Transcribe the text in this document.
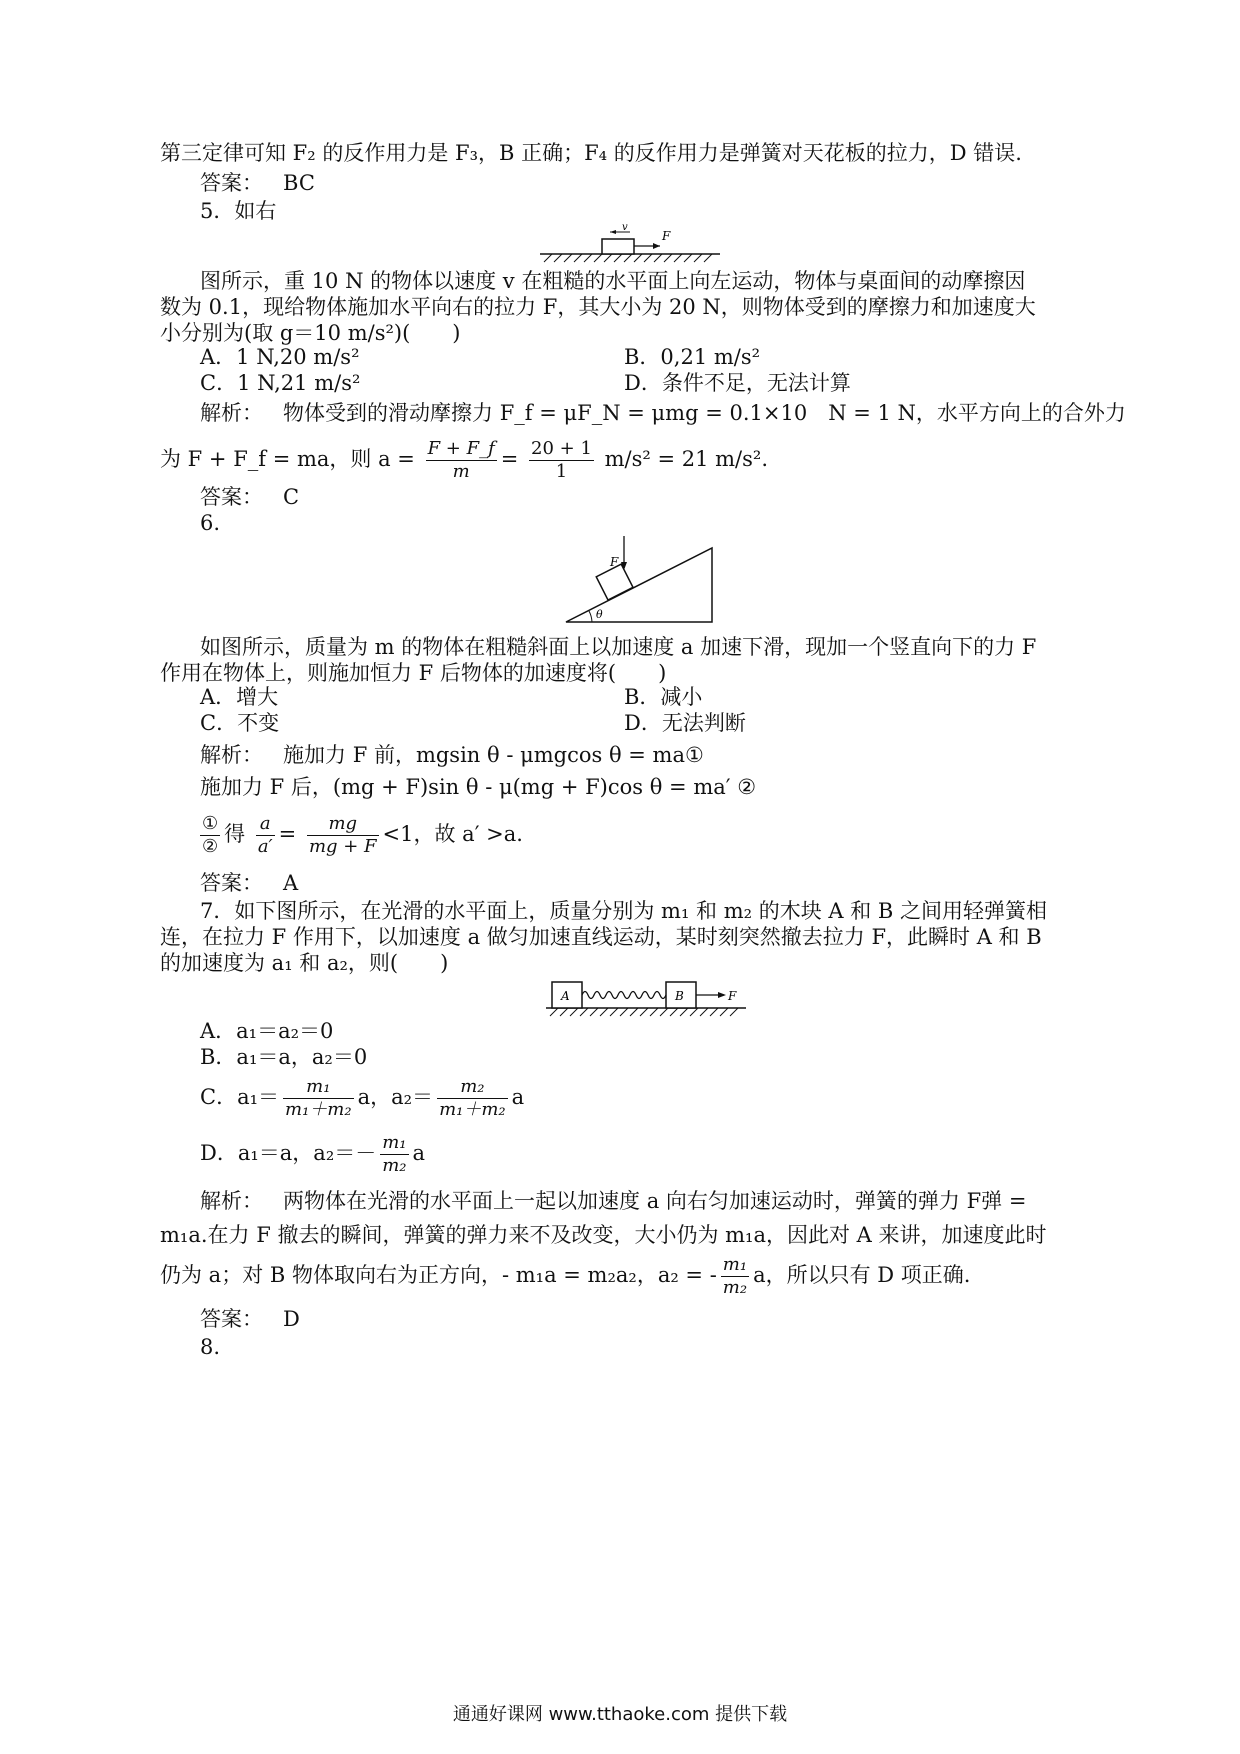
第三定律可知 F₂ 的反作用力是 F₃，B 正确；F₄ 的反作用力是弹簧对天花板的拉力，D 错误.
答案： BC
5．如右
v
F
图所示，重 10 N 的物体以速度 v 在粗糙的水平面上向左运动，物体与桌面间的动摩擦因
数为 0.1，现给物体施加水平向右的拉力 F，其大小为 20 N，则物体受到的摩擦力和加速度大
小分别为(取 g＝10 m/s²)(　　)
A．1 N,20 m/s²	B．0,21 m/s²
C．1 N,21 m/s²	D．条件不足，无法计算
解析： 物体受到的滑动摩擦力 F_f = μF_N = μmg = 0.1×10　N = 1 N，水平方向上的合外力
为 F + F_f = ma，则 $a = \frac{F + F\_f}{m} = \frac{20 + 1}{1} m/s^2 = 21$ m/s².
答案： C
6.
F
θ
如图所示，质量为 m 的物体在粗糙斜面上以加速度 a 加速下滑，现加一个竖直向下的力 F
作用在物体上，则施加恒力 F 后物体的加速度将(　　)
A．增大	B．减小
C．不变	D．无法判断
解析： 施加力 F 前，mgsin θ - μmgcos θ = ma①
施加力 F 后，(mg + F)sin θ - μ(mg + F)cos θ = ma′ ②
$\frac{\text{①}}{\text{②}}$ 得 $\frac{a}{a'} = \frac{mg}{mg + F} <1$，故 a′ >a.
答案： A
7．如下图所示，在光滑的水平面上，质量分别为 m₁ 和 m₂ 的木块 A 和 B 之间用轻弹簧相
连，在拉力 F 作用下，以加速度 a 做匀加速直线运动，某时刻突然撤去拉力 F，此瞬时 A 和 B
的加速度为 a₁ 和 a₂，则(　　)
A	B	F
A．a₁＝a₂＝0
B．a₁＝a，a₂＝0
C．$a_1= \frac{\text{m₁}}{\text{m₁＋m₂}}$ a，$a_2= \frac{\text{m₂}}{\text{m₁＋m₂}}$ a
D．a₁＝a，$a_2=- \frac{\text{m₁}}{\text{m₂}}$ a
解析： 两物体在光滑的水平面上一起以加速度 a 向右匀加速运动时，弹簧的弹力 F弹 =
m₁a.在力 F 撤去的瞬间，弹簧的弹力来不及改变，大小仍为 m₁a，因此对 A 来讲，加速度此时
仍为 a；对 B 物体取向右为正方向，- m₁a = m₂a₂，a₂ = - $\frac{\text{m₁}}{\text{m₂}}$ a，所以只有 D 项正确.
答案： D
8.
通通好课网 www.tthaoke.com 提供下载
